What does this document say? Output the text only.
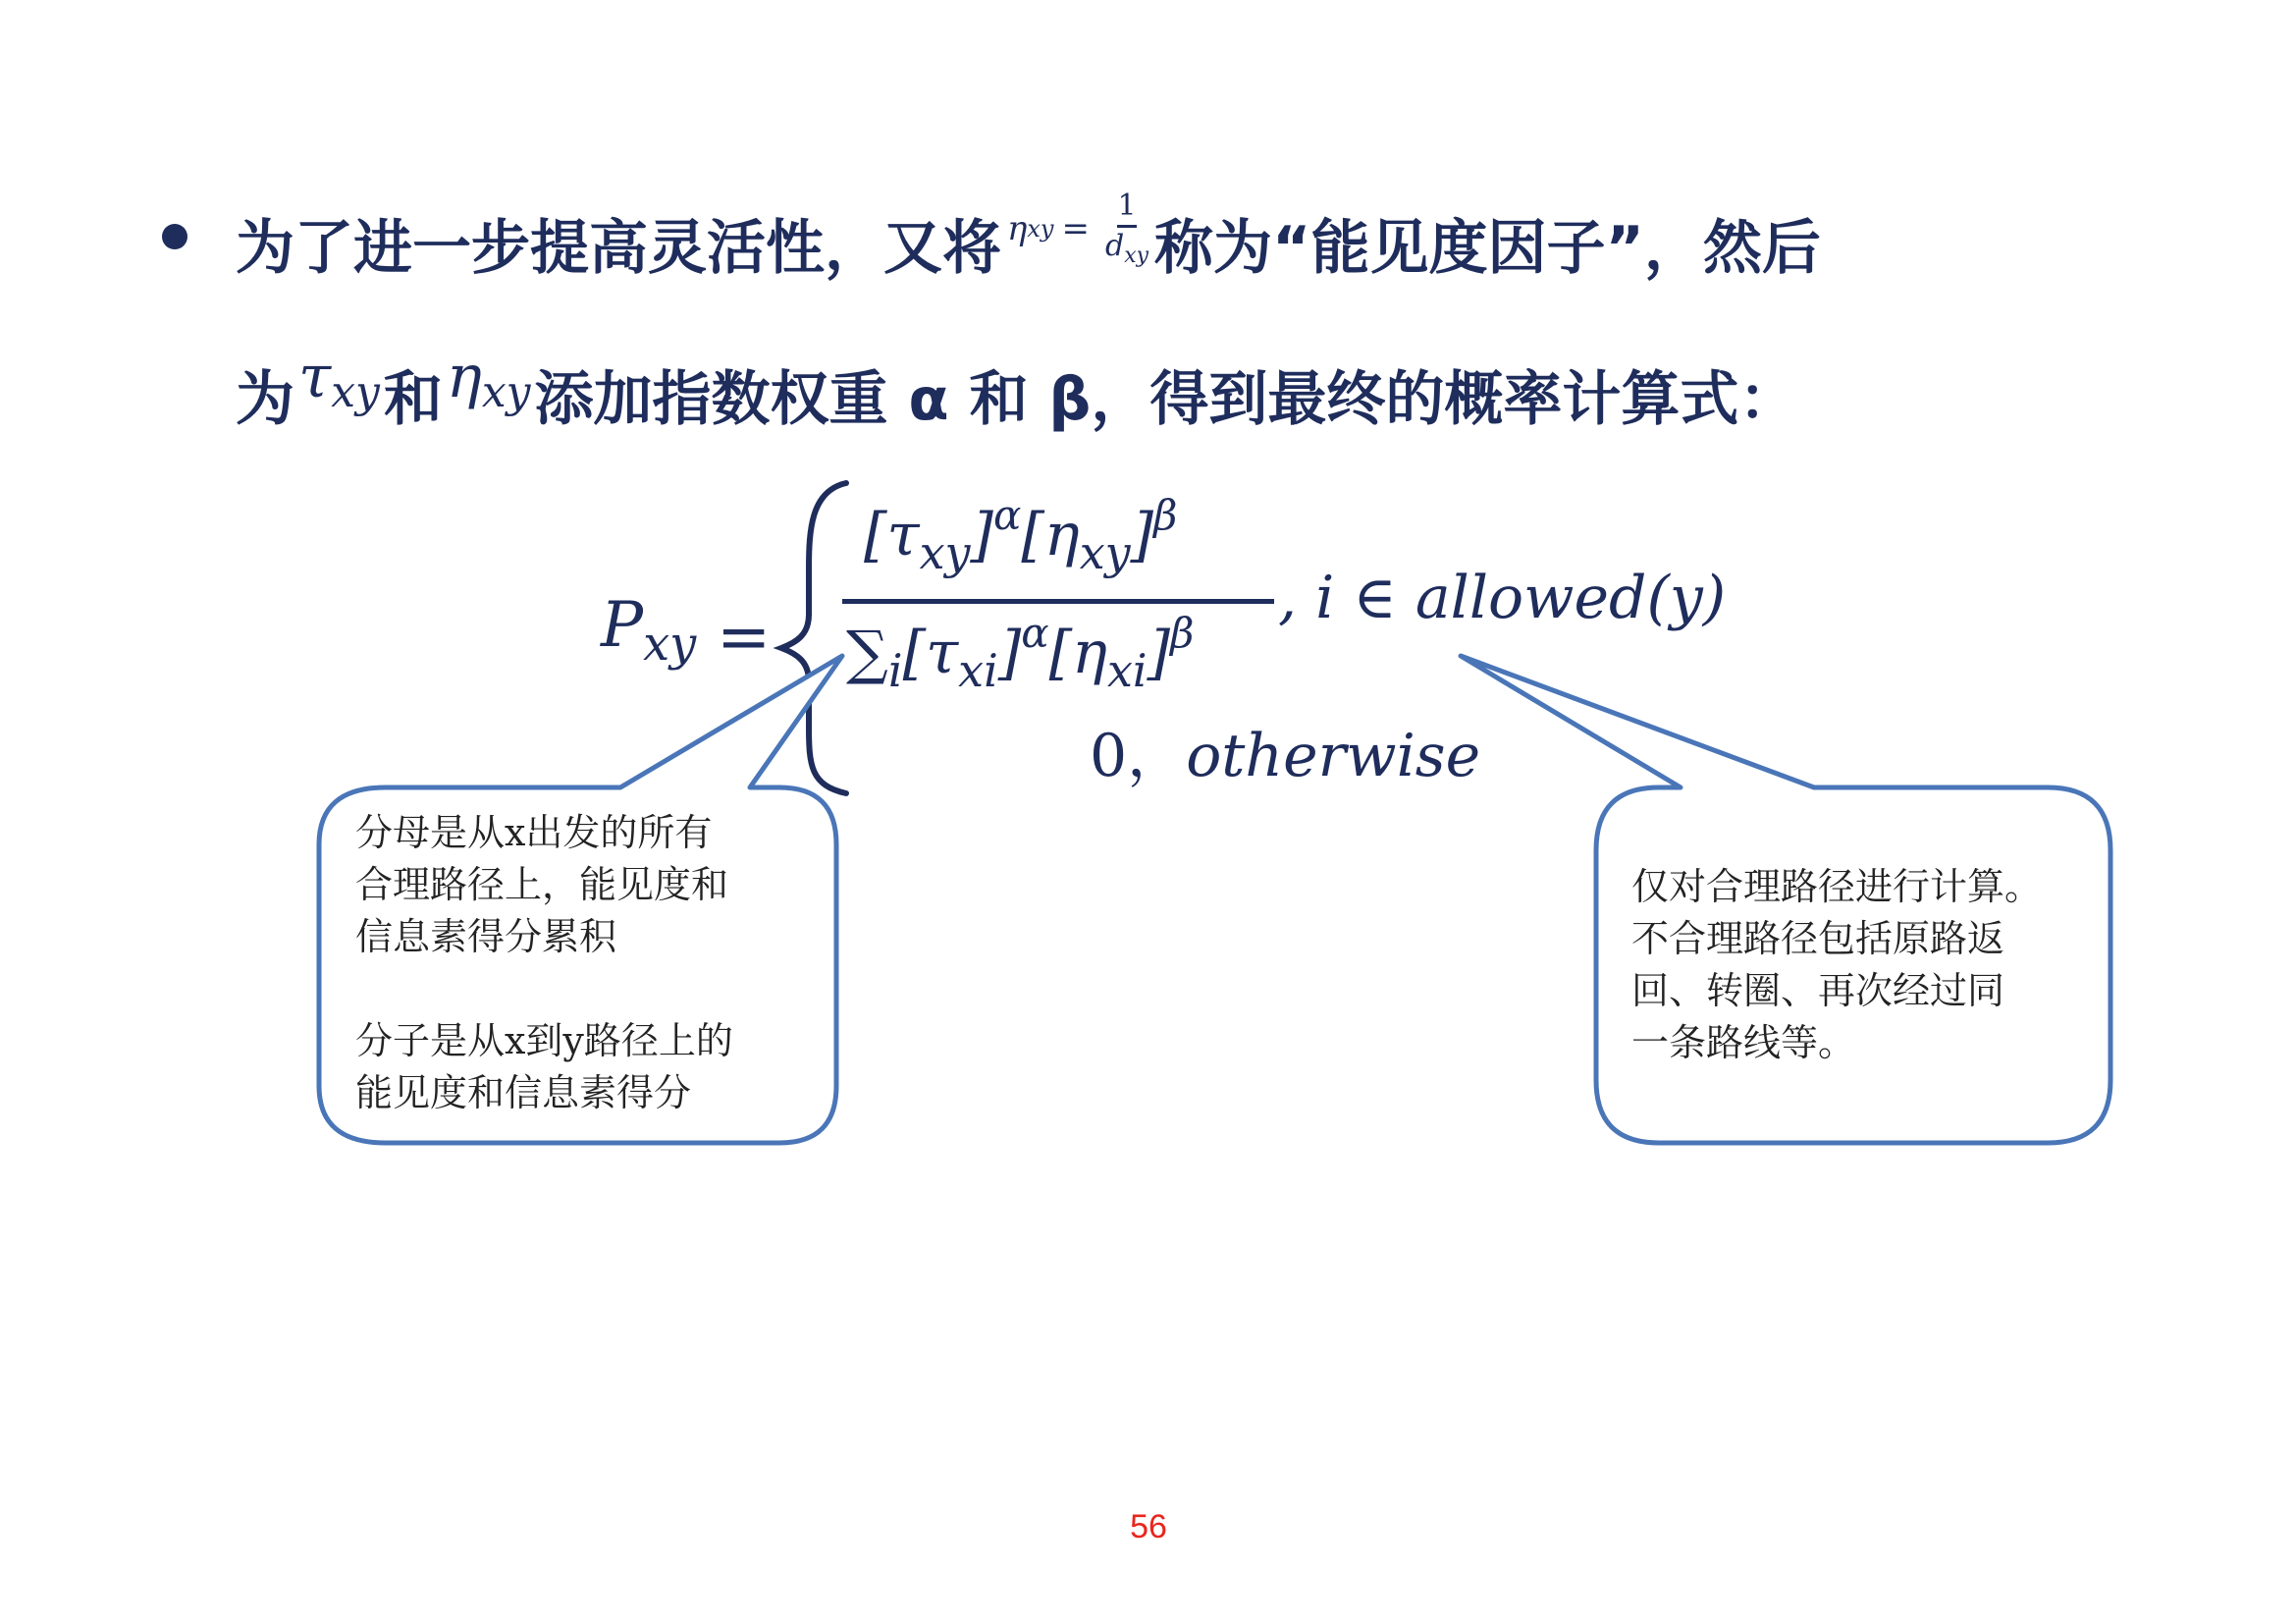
为了进一步提高灵活性，又将 η xy = $\frac{1}{d_{xy}}$ 称为“能见度因子”，然后
为 $\tau_{xy}$ 和 $\eta_{xy}$ 添加指数权重 α 和 β，得到最终的概率计算式：
$P_{xy}$ =
$[\tau_{xy}]^\alpha[\eta_{xy}]^\beta$
$\sum_i[\tau_{xi}]^\alpha[\eta_{xi}]^\beta$
, i ∈ allowed(y)
0，otherwise
分母是从x出发的所有
合理路径上，能见度和
信息素得分累积

分子是从x到y路径上的
能见度和信息素得分
仅对合理路径进行计算。
不合理路径包括原路返
回、转圈、再次经过同
一条路线等。
56
